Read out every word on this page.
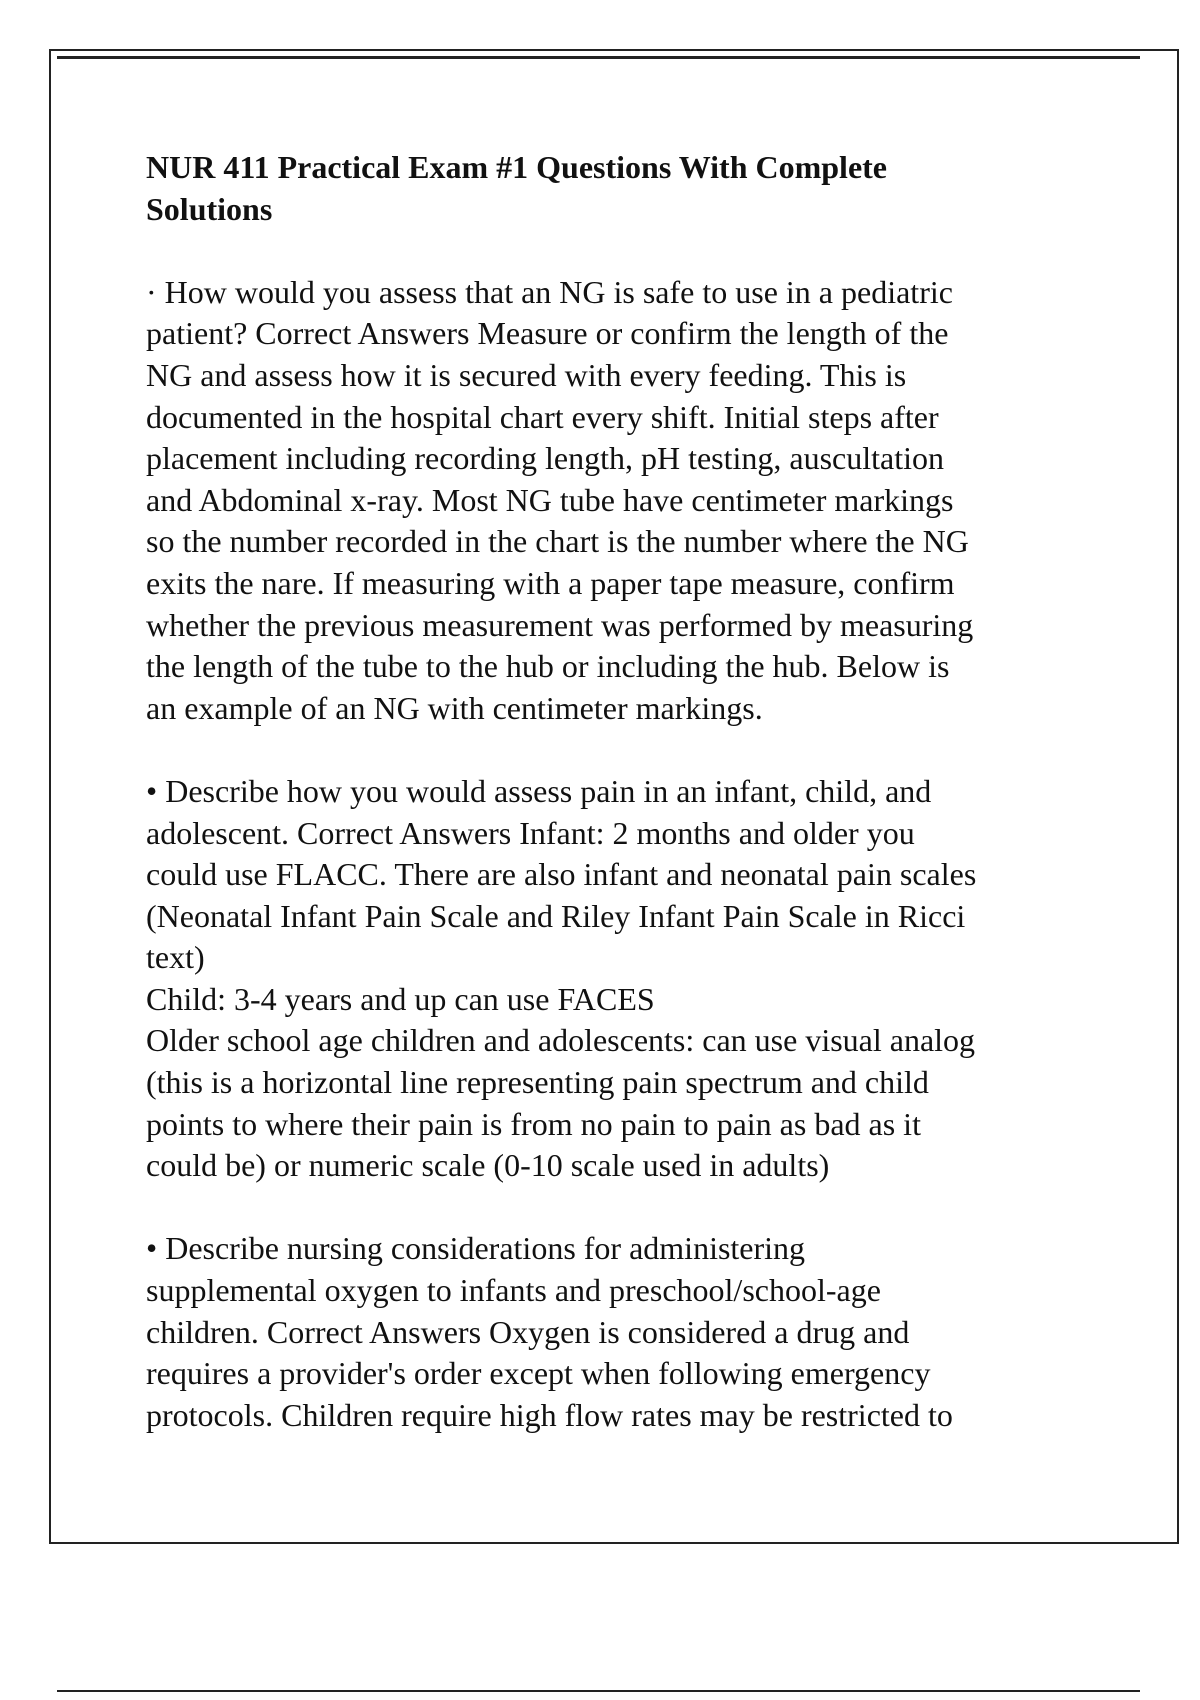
NUR 411 Practical Exam #1 Questions With Complete
Solutions
· How would you assess that an NG is safe to use in a pediatric
patient? Correct Answers Measure or confirm the length of the
NG and assess how it is secured with every feeding. This is
documented in the hospital chart every shift. Initial steps after
placement including recording length, pH testing, auscultation
and Abdominal x-ray. Most NG tube have centimeter markings
so the number recorded in the chart is the number where the NG
exits the nare. If measuring with a paper tape measure, confirm
whether the previous measurement was performed by measuring
the length of the tube to the hub or including the hub. Below is
an example of an NG with centimeter markings.
• Describe how you would assess pain in an infant, child, and
adolescent. Correct Answers Infant: 2 months and older you
could use FLACC. There are also infant and neonatal pain scales
(Neonatal Infant Pain Scale and Riley Infant Pain Scale in Ricci
text)
Child: 3-4 years and up can use FACES
Older school age children and adolescents: can use visual analog
(this is a horizontal line representing pain spectrum and child
points to where their pain is from no pain to pain as bad as it
could be) or numeric scale (0-10 scale used in adults)
• Describe nursing considerations for administering
supplemental oxygen to infants and preschool/school-age
children. Correct Answers Oxygen is considered a drug and
requires a provider's order except when following emergency
protocols. Children require high flow rates may be restricted to
